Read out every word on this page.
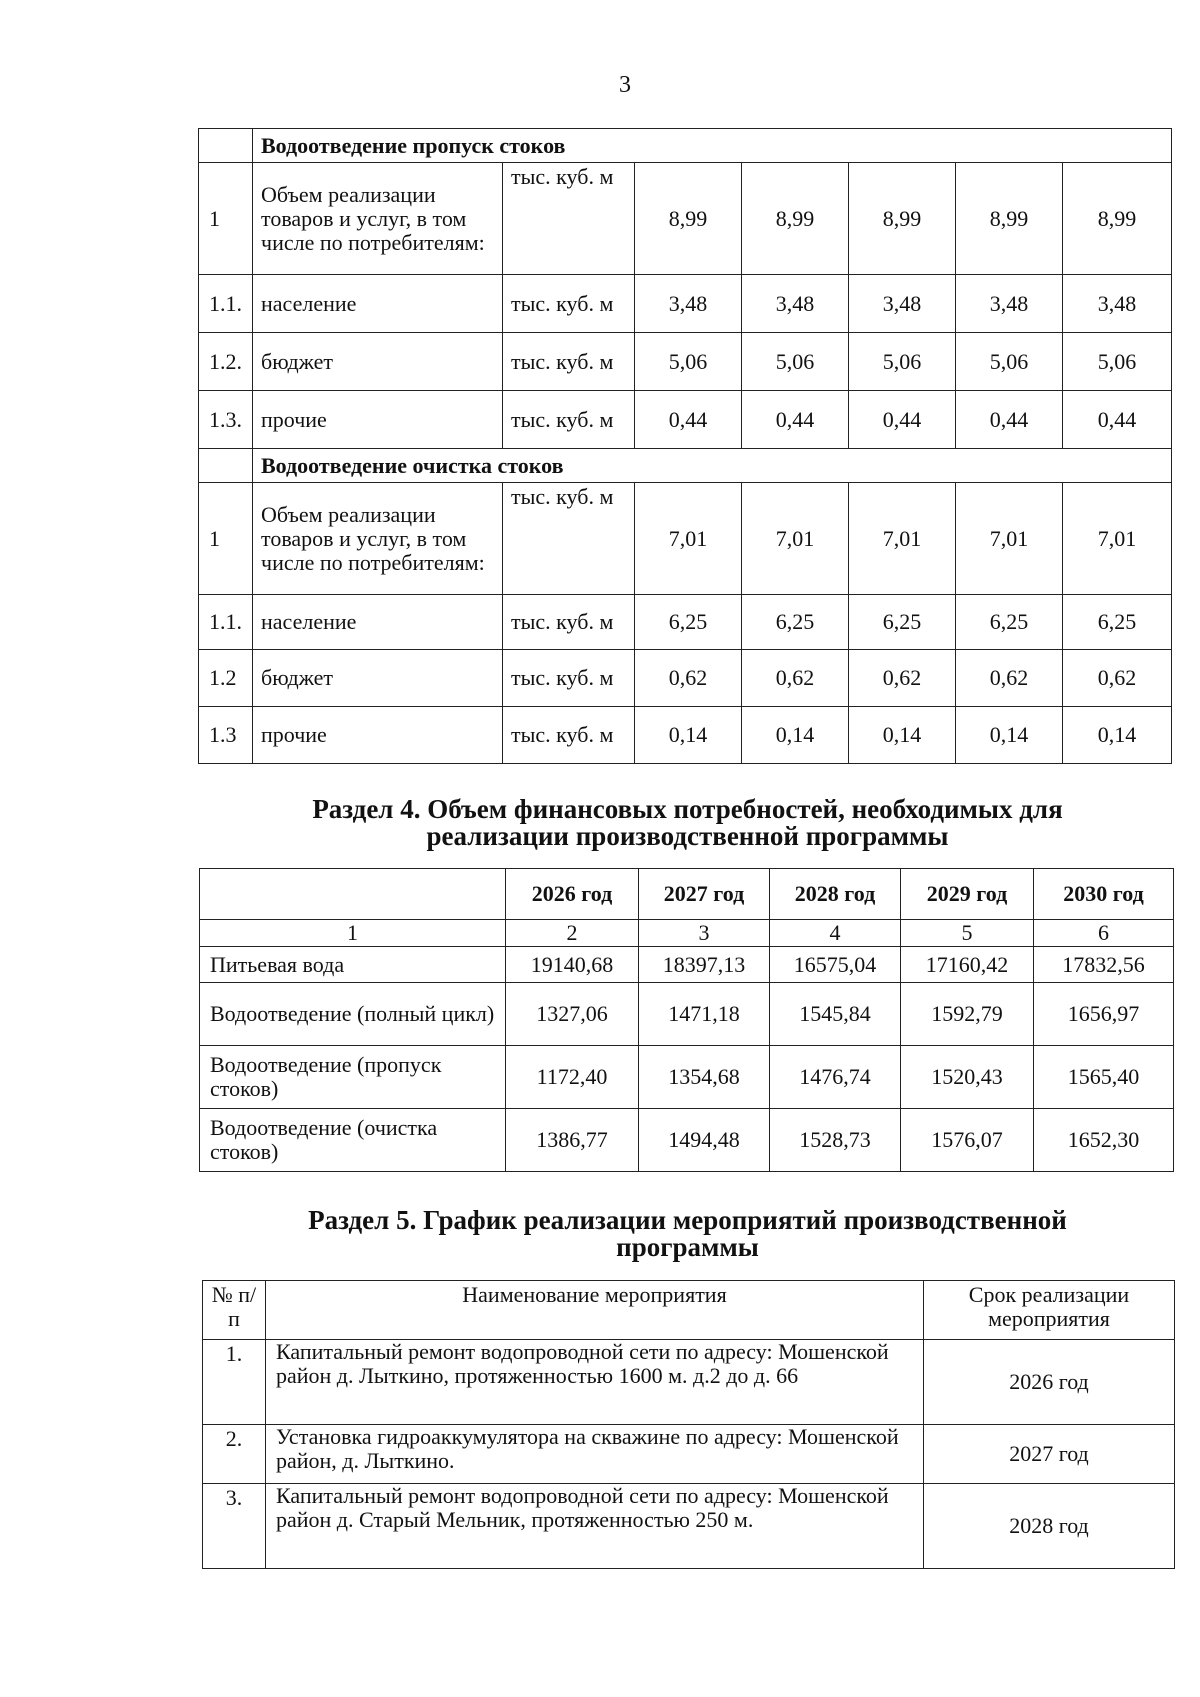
3
	Водоотведение пропуск стоков						
1	Объем реализации товаров и услуг, в том числе по потребителям:	тыс. куб. м	8,99	8,99	8,99	8,99	8,99
1.1.	население	тыс. куб. м	3,48	3,48	3,48	3,48	3,48
1.2.	бюджет	тыс. куб. м	5,06	5,06	5,06	5,06	5,06
1.3.	прочие	тыс. куб. м	0,44	0,44	0,44	0,44	0,44
	Водоотведение очистка стоков						
1	Объем реализации товаров и услуг, в том числе по потребителям:	тыс. куб. м	7,01	7,01	7,01	7,01	7,01
1.1.	население	тыс. куб. м	6,25	6,25	6,25	6,25	6,25
1.2	бюджет	тыс. куб. м	0,62	0,62	0,62	0,62	0,62
1.3	прочие	тыс. куб. м	0,14	0,14	0,14	0,14	0,14
Раздел 4. Объем финансовых потребностей, необходимых для
реализации производственной программы
	2026 год	2027 год	2028 год	2029 год	2030 год
1	2	3	4	5	6
Питьевая вода	19140,68	18397,13	16575,04	17160,42	17832,56
Водоотведение (полный цикл)	1327,06	1471,18	1545,84	1592,79	1656,97
Водоотведение (пропуск стоков)	1172,40	1354,68	1476,74	1520,43	1565,40
Водоотведение (очистка стоков)	1386,77	1494,48	1528,73	1576,07	1652,30
Раздел 5. График реализации мероприятий производственной
программы
№ п/п	Наименование мероприятия	Срок реализации мероприятия
1.	Капитальный ремонт водопроводной сети по адресу: Мошенской район д. Лыткино, протяженностью 1600 м. д.2 до д. 66	2026 год
2.	Установка гидроаккумулятора на скважине по адресу: Мошенской район, д. Лыткино.	2027 год
3.	Капитальный ремонт водопроводной сети по адресу: Мошенской район д. Старый Мельник, протяженностью 250 м.	2028 год
